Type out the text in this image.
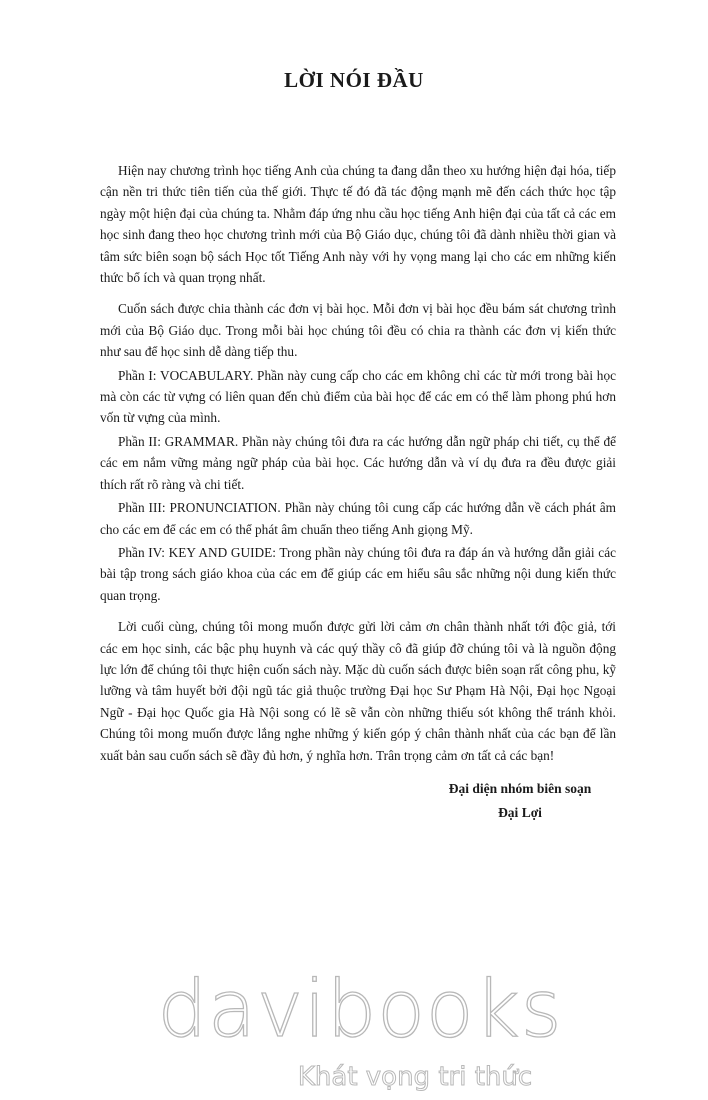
LỜI NÓI ĐẦU

Hiện nay chương trình học tiếng Anh của chúng ta đang dẫn theo xu hướng hiện đại hóa, tiếp cận nền tri thức tiên tiến của thế giới. Thực tế đó đã tác động mạnh mẽ đến cách thức học tập ngày một hiện đại của chúng ta. Nhằm đáp ứng nhu cầu học tiếng Anh hiện đại của tất cả các em học sinh đang theo học chương trình mới của Bộ Giáo dục, chúng tôi đã dành nhiều thời gian và tâm sức biên soạn bộ sách Học tốt Tiếng Anh này với hy vọng mang lại cho các em những kiến thức bổ ích và quan trọng nhất.

Cuốn sách được chia thành các đơn vị bài học. Mỗi đơn vị bài học đều bám sát chương trình mới của Bộ Giáo dục. Trong mỗi bài học chúng tôi đều có chia ra thành các đơn vị kiến thức như sau để học sinh dễ dàng tiếp thu.

Phần I: VOCABULARY. Phần này cung cấp cho các em không chỉ các từ mới trong bài học mà còn các từ vựng có liên quan đến chủ điểm của bài học để các em có thể làm phong phú hơn vốn từ vựng của mình.

Phần II: GRAMMAR. Phần này chúng tôi đưa ra các hướng dẫn ngữ pháp chi tiết, cụ thể để các em nắm vững mảng ngữ pháp của bài học. Các hướng dẫn và ví dụ đưa ra đều được giải thích rất rõ ràng và chi tiết.

Phần III: PRONUNCIATION. Phần này chúng tôi cung cấp các hướng dẫn về cách phát âm cho các em để các em có thể phát âm chuẩn theo tiếng Anh giọng Mỹ.

Phần IV: KEY AND GUIDE: Trong phần này chúng tôi đưa ra đáp án và hướng dẫn giải các bài tập trong sách giáo khoa của các em để giúp các em hiểu sâu sắc những nội dung kiến thức quan trọng.

Lời cuối cùng, chúng tôi mong muốn được gửi lời cảm ơn chân thành nhất tới độc giả, tới các em học sinh, các bậc phụ huynh và các quý thầy cô đã giúp đỡ chúng tôi và là nguồn động lực lớn để chúng tôi thực hiện cuốn sách này. Mặc dù cuốn sách được biên soạn rất công phu, kỹ lưỡng và tâm huyết bởi đội ngũ tác giả thuộc trường Đại học Sư Phạm Hà Nội, Đại học Ngoại Ngữ - Đại học Quốc gia Hà Nội song có lẽ sẽ vẫn còn những thiếu sót không thể tránh khỏi. Chúng tôi mong muốn được lắng nghe những ý kiến góp ý chân thành nhất của các bạn để lần xuất bản sau cuốn sách sẽ đầy đủ hơn, ý nghĩa hơn. Trân trọng cảm ơn tất cả các bạn!

Đại diện nhóm biên soạn
Đại Lợi
davibooks
Khát vọng tri thức
